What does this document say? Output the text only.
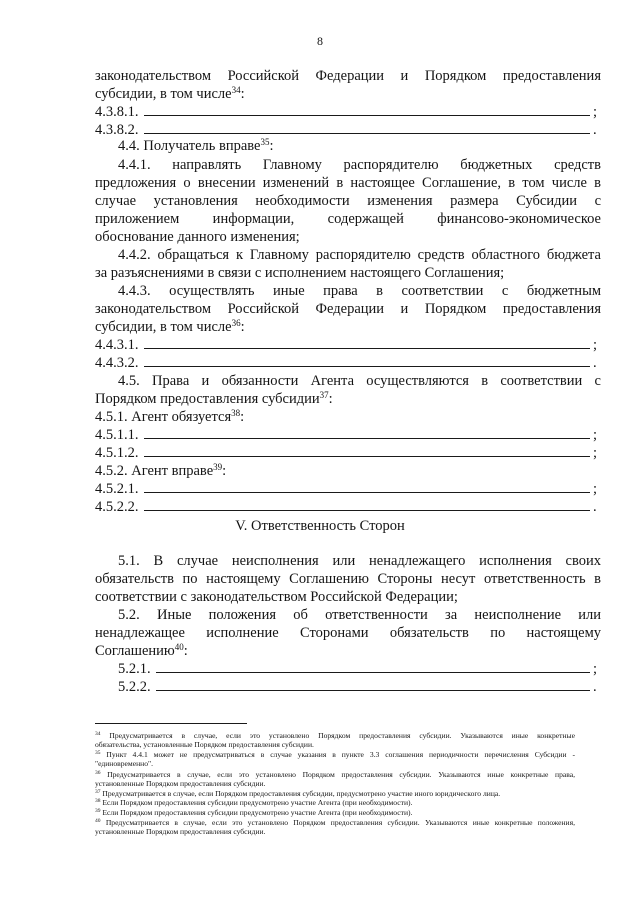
8
законодательством Российской Федерации и Порядком предоставления
субсидии, в том числе$^{34}$:
4.3.8.1.	;
4.3.8.2.	.
4.4. Получатель вправе$^{35}$:
4.4.1. направлять Главному распорядителю бюджетных средств
предложения о внесении изменений в настоящее Соглашение, в том числе в
случае установления необходимости изменения размера Субсидии с
приложением информации, содержащей финансово-экономическое
обоснование данного изменения;
4.4.2. обращаться к Главному распорядителю средств областного бюджета
за разъяснениями в связи с исполнением настоящего Соглашения;
4.4.3. осуществлять иные права в соответствии с бюджетным
законодательством Российской Федерации и Порядком предоставления
субсидии, в том числе$^{36}$:
4.4.3.1.	;
4.4.3.2.	.
4.5. Права и обязанности Агента осуществляются в соответствии с
Порядком предоставления субсидии$^{37}$:
4.5.1. Агент обязуется$^{38}$:
4.5.1.1.	;
4.5.1.2.	;
4.5.2. Агент вправе$^{39}$:
4.5.2.1.	;
4.5.2.2.	.
V. Ответственность Сторон
5.1. В случае неисполнения или ненадлежащего исполнения своих
обязательств по настоящему Соглашению Стороны несут ответственность в
соответствии с законодательством Российской Федерации;
5.2. Иные положения об ответственности за неисполнение или
ненадлежащее исполнение Сторонами обязательств по настоящему
Соглашению$^{40}$:
5.2.1.	;
5.2.2.	.
$^{34}$ Предусматривается в случае, если это установлено Порядком предоставления субсидии. Указываются иные конкретные
обязательства, установленные Порядком предоставления субсидии.
$^{35}$ Пункт 4.4.1 может не предусматриваться в случае указания в пункте 3.3 соглашения периодичности перечисления Субсидии -
"единовременно".
$^{36}$ Предусматривается в случае, если это установлено Порядком предоставления субсидии. Указываются иные конкретные права,
установленные Порядком предоставления субсидии.
$^{37}$ Предусматривается в случае, если Порядком предоставления субсидии, предусмотрено участие иного юридического лица.
$^{38}$ Если Порядком предоставления субсидии предусмотрено участие Агента (при необходимости).
$^{39}$ Если Порядком предоставления субсидии предусмотрено участие Агента (при необходимости).
$^{40}$ Предусматривается в случае, если это установлено Порядком предоставления субсидии. Указываются иные конкретные положения,
установленные Порядком предоставления субсидии.
